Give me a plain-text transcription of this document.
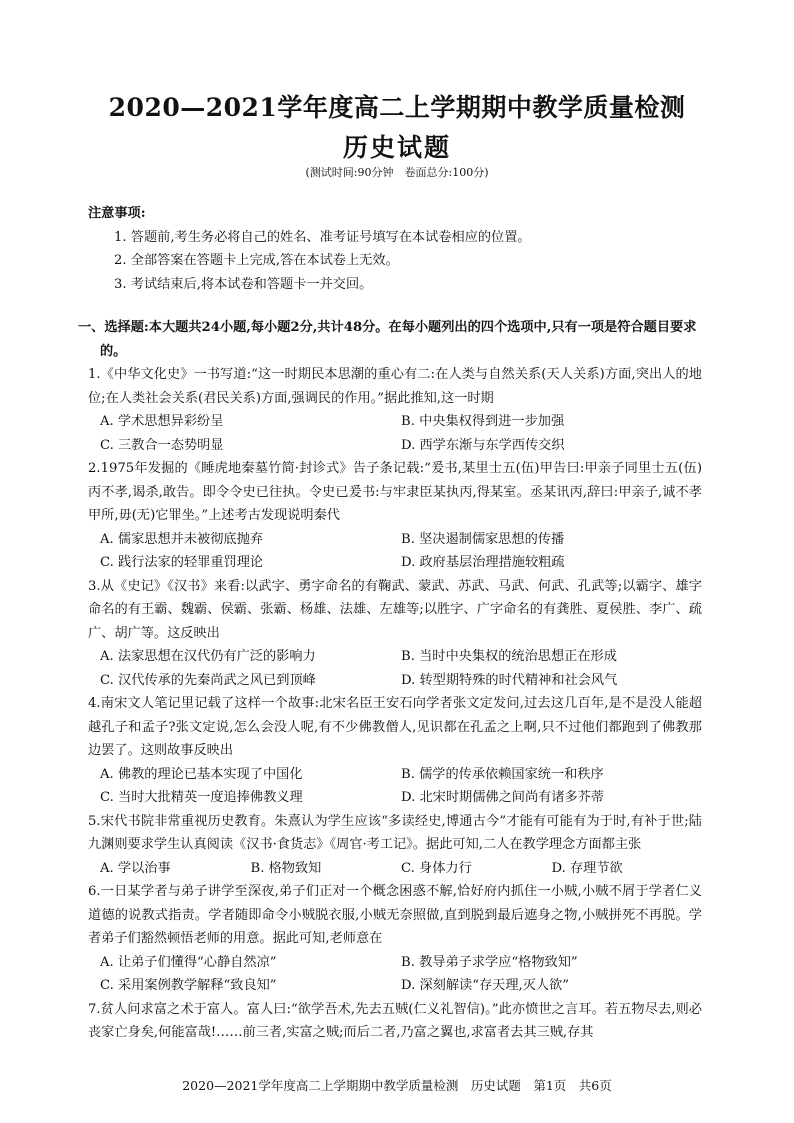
2020—2021学年度高二上学期期中教学质量检测
历史试题
(测试时间:90分钟　卷面总分:100分)

注意事项:

1. 答题前,考生务必将自己的姓名、准考证号填写在本试卷相应的位置。

2. 全部答案在答题卡上完成,答在本试卷上无效。

3. 考试结束后,将本试卷和答题卡一并交回。

一、选择题:本大题共24小题,每小题2分,共计48分。在每小题列出的四个选项中,只有一项是符合题目要求的。

1.《中华文化史》一书写道:“这一时期民本思潮的重心有二:在人类与自然关系(天人关系)方面,突出人的地位;在人类社会关系(君民关系)方面,强调民的作用。”据此推知,这一时期

A. 学术思想异彩纷呈	B. 中央集权得到进一步加强
C. 三教合一态势明显	D. 西学东渐与东学西传交织

2.1975年发掘的《睡虎地秦墓竹简·封诊式》告子条记载:“爰书,某里士五(伍)甲告曰:甲亲子同里士五(伍)丙不孝,谒杀,敢告。即令令史已往执。令史已爰书:与牢隶臣某执丙,得某室。丞某讯丙,辞曰:甲亲子,诚不孝甲所,毋(无)它罪坐。”上述考古发现说明秦代

A. 儒家思想并未被彻底抛弃	B. 坚决遏制儒家思想的传播
C. 践行法家的轻罪重罚理论	D. 政府基层治理措施较粗疏

3.从《史记》《汉书》来看:以武字、勇字命名的有鞠武、蒙武、苏武、马武、何武、孔武等;以霸字、雄字命名的有王霸、魏霸、侯霸、张霸、杨雄、法雄、左雄等;以胜字、广字命名的有龚胜、夏侯胜、李广、疏广、胡广等。这反映出

A. 法家思想在汉代仍有广泛的影响力	B. 当时中央集权的统治思想正在形成
C. 汉代传承的先秦尚武之风已到顶峰	D. 转型期特殊的时代精神和社会风气

4.南宋文人笔记里记载了这样一个故事:北宋名臣王安石向学者张文定发问,过去这几百年,是不是没人能超越孔子和孟子?张文定说,怎么会没人呢,有不少佛教僧人,见识都在孔孟之上啊,只不过他们都跑到了佛教那边罢了。这则故事反映出

A. 佛教的理论已基本实现了中国化	B. 儒学的传承依赖国家统一和秩序
C. 当时大批精英一度追捧佛教义理	D. 北宋时期儒佛之间尚有诸多芥蒂

5.宋代书院非常重视历史教育。朱熹认为学生应该“多读经史,博通古今”才能有可能有为于时,有补于世;陆九渊则要求学生认真阅读《汉书·食货志》《周官·考工记》。据此可知,二人在教学理念方面都主张

A. 学以治事	B. 格物致知	C. 身体力行	D. 存理节欲

6.一日某学者与弟子讲学至深夜,弟子们正对一个概念困惑不解,恰好府内抓住一小贼,小贼不屑于学者仁义道德的说教式指责。学者随即命令小贼脱衣服,小贼无奈照做,直到脱到最后遮身之物,小贼拼死不再脱。学者弟子们豁然顿悟老师的用意。据此可知,老师意在

A. 让弟子们懂得“心静自然凉”	B. 教导弟子求学应“格物致知”
C. 采用案例教学解释“致良知”	D. 深刻解读“存天理,灭人欲”

7.贫人问求富之术于富人。富人曰:“欲学吾术,先去五贼(仁义礼智信)。”此亦愤世之言耳。若五物尽去,则必丧家亡身矣,何能富哉!……前三者,实富之贼;而后二者,乃富之翼也,求富者去其三贼,存其

2020—2021学年度高二上学期期中教学质量检测　历史试题　第1页　共6页
